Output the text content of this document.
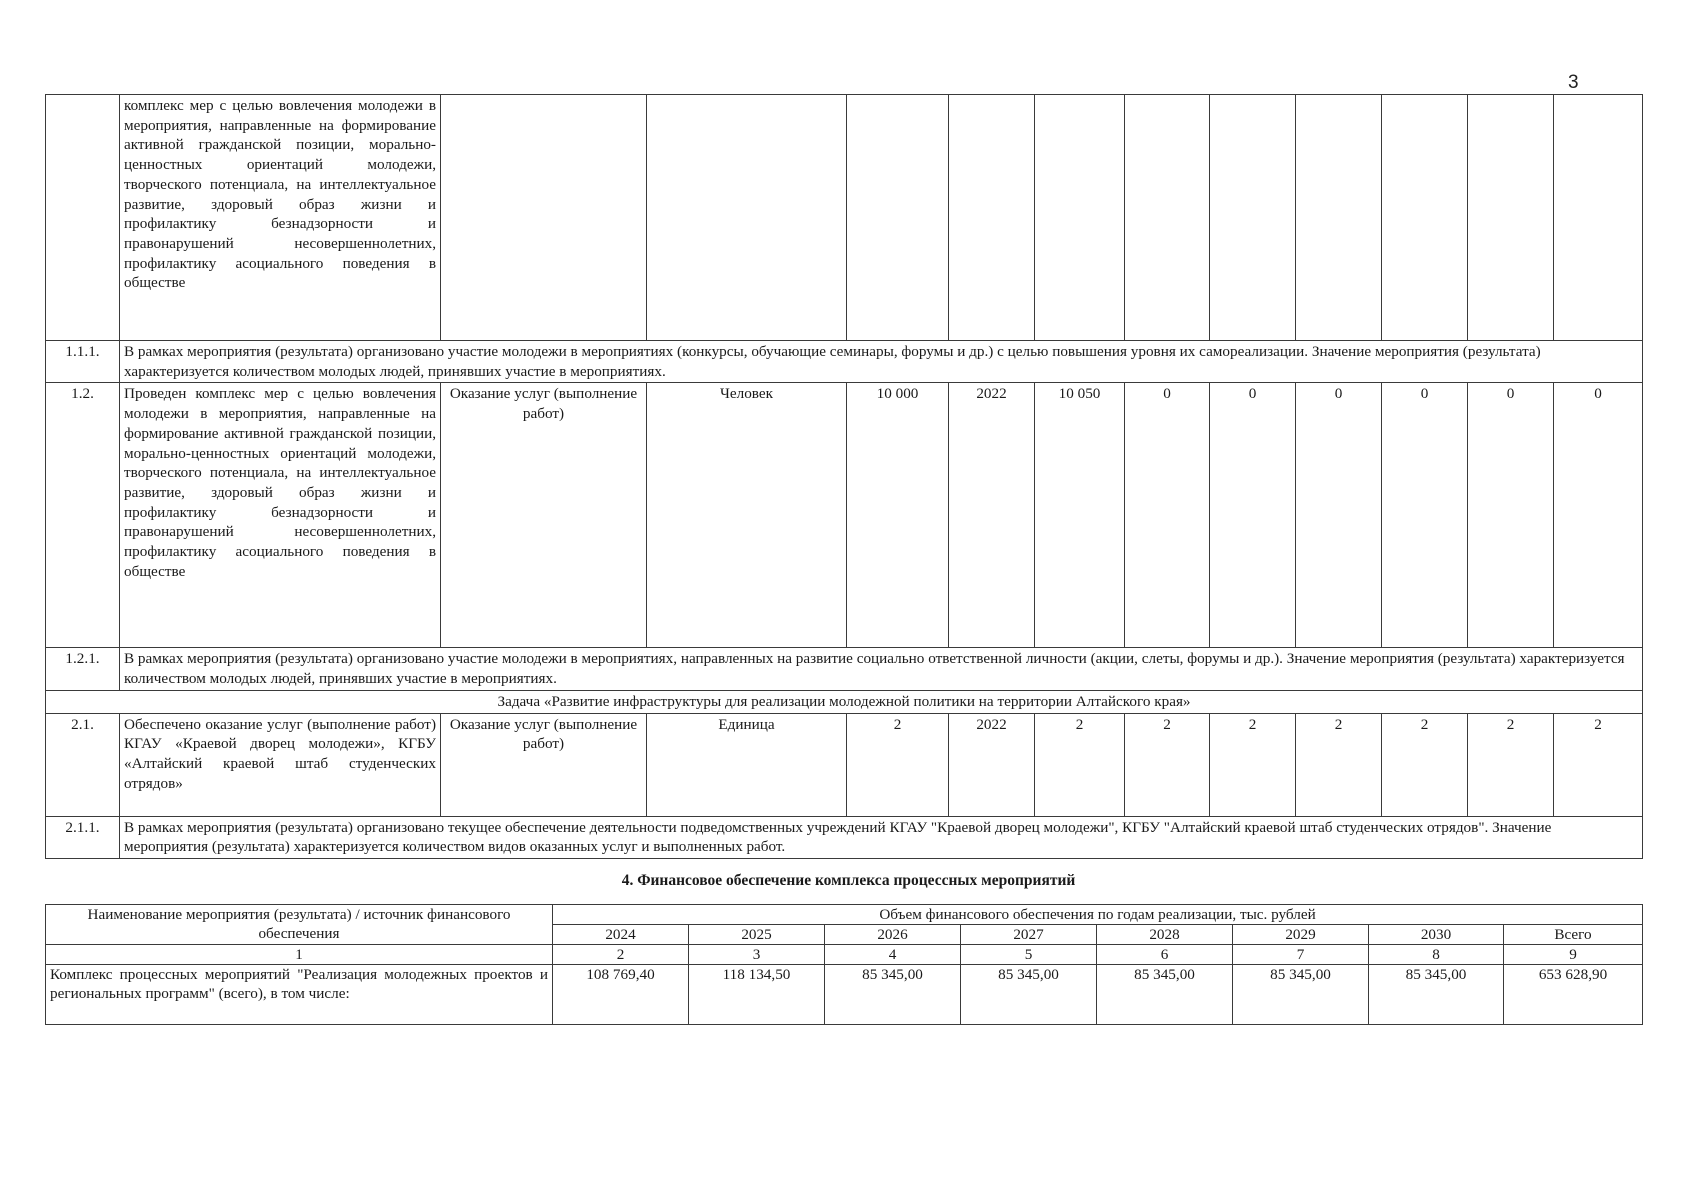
3
	комплекс мер с целью вовлечения молодежи в мероприятия, направленные на формирование активной гражданской позиции, морально-ценностных ориентаций молодежи, творческого потенциала, на интеллектуальное развитие, здоровый образ жизни и профилактику безнадзорности и правонарушений несовершеннолетних, профилактику асоциального поведения в обществе											
1.1.1.	В рамках мероприятия (результата) организовано участие молодежи в мероприятиях (конкурсы, обучающие семинары, форумы и др.) с целью повышения уровня их самореализации. Значение мероприятия (результата) характеризуется количеством молодых людей, принявших участие в мероприятиях.											
1.2.	Проведен комплекс мер с целью вовлечения молодежи в мероприятия, направленные на формирование активной гражданской позиции, морально-ценностных ориентаций молодежи, творческого потенциала, на интеллектуальное развитие, здоровый образ жизни и профилактику безнадзорности и правонарушений несовершеннолетних, профилактику асоциального поведения в обществе	Оказание услуг (выполнение работ)	Человек	10 000	2022	10 050	0	0	0	0	0	0
1.2.1.	В рамках мероприятия (результата) организовано участие молодежи в мероприятиях, направленных на развитие социально ответственной личности (акции, слеты, форумы и др.). Значение мероприятия (результата) характеризуется количеством молодых людей, принявших участие в мероприятиях.											
Задача «Развитие инфраструктуры для реализации молодежной политики на территории Алтайского края»												
2.1.	Обеспечено оказание услуг (выполнение работ) КГАУ «Краевой дворец молодежи», КГБУ «Алтайский краевой штаб студенческих отрядов»	Оказание услуг (выполнение работ)	Единица	2	2022	2	2	2	2	2	2	2
2.1.1.	В рамках мероприятия (результата) организовано текущее обеспечение деятельности подведомственных учреждений КГАУ "Краевой дворец молодежи", КГБУ "Алтайский краевой штаб студенческих отрядов". Значение мероприятия (результата) характеризуется количеством видов оказанных услуг и выполненных работ.											
4. Финансовое обеспечение комплекса процессных мероприятий
Наименование мероприятия (результата) / источник финансового обеспечения	Объем финансового обеспечения по годам реализации, тыс. рублей							
	2024	2025	2026	2027	2028	2029	2030	Всего
1	2	3	4	5	6	7	8	9
Комплекс процессных мероприятий "Реализация молодежных проектов и региональных программ" (всего), в том числе:	108 769,40	118 134,50	85 345,00	85 345,00	85 345,00	85 345,00	85 345,00	653 628,90
